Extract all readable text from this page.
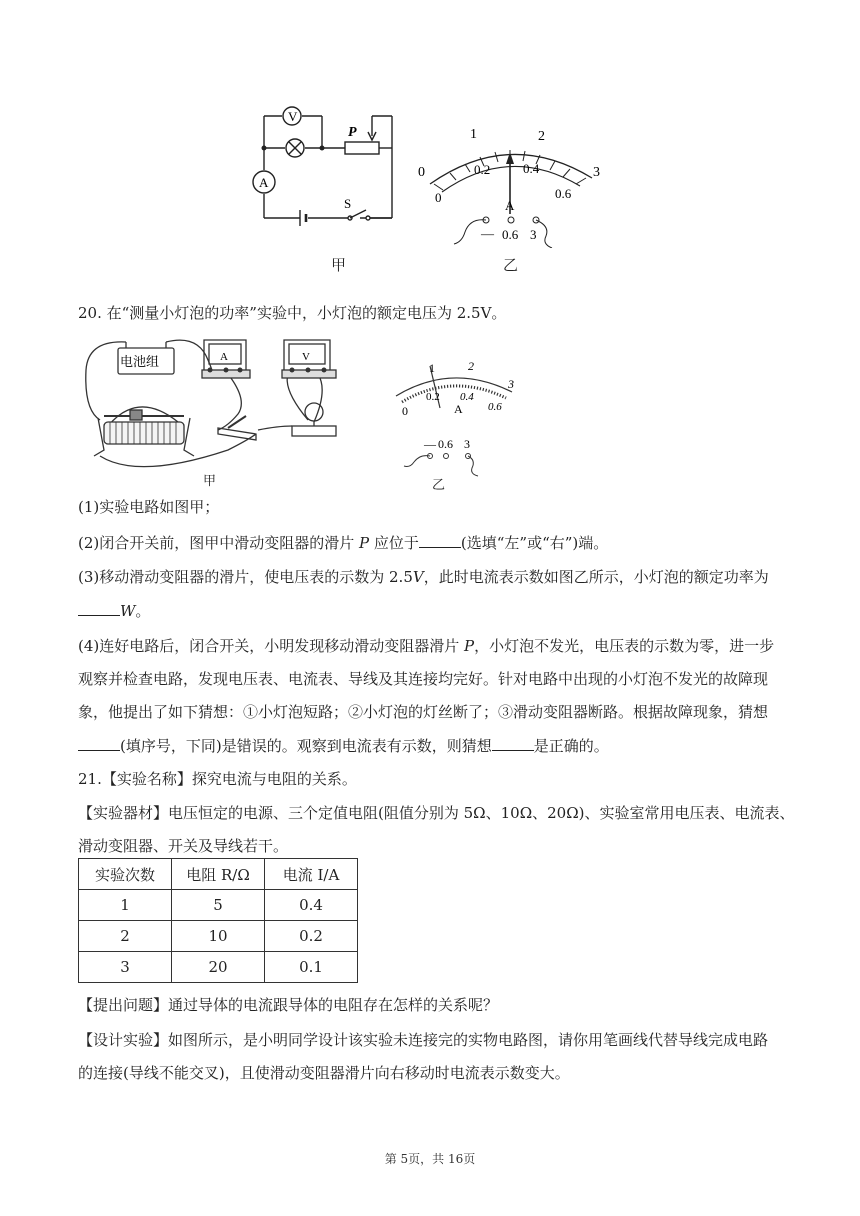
V
A
P
S
甲
0
1	2
3
0
0.2	0.4
0.6
A
— 0.6 3
乙
20. 在“测量小灯泡的功率”实验中，小灯泡的额定电压为 2.5V。
电池组	A	V
甲
0
1	2
3
0.2 0.4
0.6
A
— 0.6 3
乙
(1)实验电路如图甲；
(2)闭合开关前，图甲中滑动变阻器的滑片 P 应位于	(选填“左”或“右”)端。
(3)移动滑动变阻器的滑片，使电压表的示数为 2.5V，此时电流表示数如图乙所示，小灯泡的额定功率为
W。
(4)连好电路后，闭合开关，小明发现移动滑动变阻器滑片 P，小灯泡不发光，电压表的示数为零，进一步
观察并检查电路，发现电压表、电流表、导线及其连接均完好。针对电路中出现的小灯泡不发光的故障现
象，他提出了如下猜想：①小灯泡短路；②小灯泡的灯丝断了；③滑动变阻器断路。根据故障现象，猜想
(填序号，下同)是错误的。观察到电流表有示数，则猜想	是正确的。
21.【实验名称】探究电流与电阻的关系。
【实验器材】电压恒定的电源、三个定值电阻(阻值分别为 5Ω、10Ω、20Ω)、实验室常用电压表、电流表、
滑动变阻器、开关及导线若干。
实验次数	电阻 R/Ω	电流 I/A
1	5	0.4
2	10	0.2
3	20	0.1
【提出问题】通过导体的电流跟导体的电阻存在怎样的关系呢？
【设计实验】如图所示，是小明同学设计该实验未连接完的实物电路图，请你用笔画线代替导线完成电路
的连接(导线不能交叉)，且使滑动变阻器滑片向右移动时电流表示数变大。
第 5页，共 16页
